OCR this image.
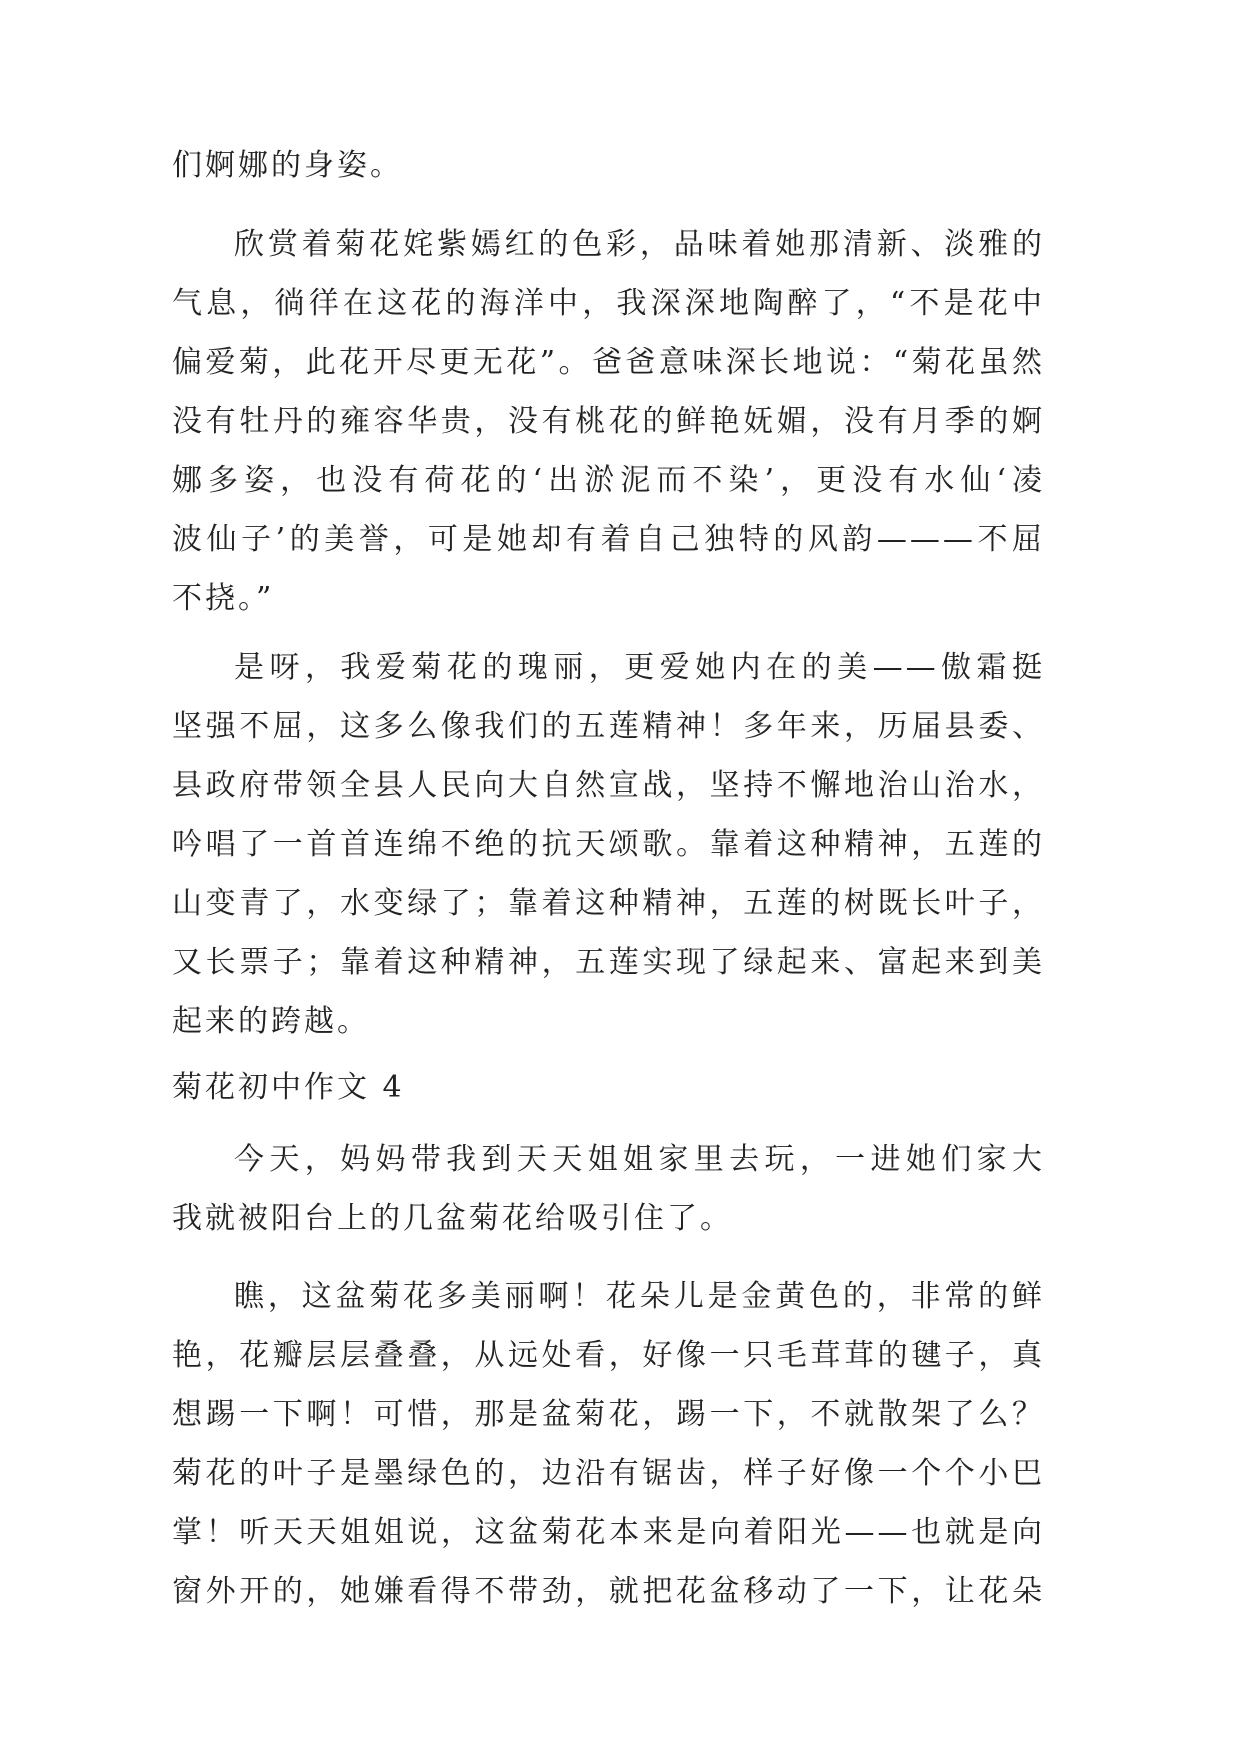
们婀娜的身姿。
欣赏着菊花姹紫嫣红的色彩，品味着她那清新、淡雅的
气息，徜徉在这花的海洋中，我深深地陶醉了，“不是花中
偏爱菊，此花开尽更无花”。爸爸意味深长地说：“菊花虽然
没有牡丹的雍容华贵，没有桃花的鲜艳妩媚，没有月季的婀
娜多姿，也没有荷花的‘出淤泥而不染’，更没有水仙‘凌
波仙子’的美誉，可是她却有着自己独特的风韵———不屈
不挠。”
是呀，我爱菊花的瑰丽，更爱她内在的美——傲霜挺
坚强不屈，这多么像我们的五莲精神！多年来，历届县委、
县政府带领全县人民向大自然宣战，坚持不懈地治山治水，
吟唱了一首首连绵不绝的抗天颂歌。靠着这种精神，五莲的
山变青了，水变绿了；靠着这种精神，五莲的树既长叶子，
又长票子；靠着这种精神，五莲实现了绿起来、富起来到美
起来的跨越。
菊花初中作文 4
今天，妈妈带我到天天姐姐家里去玩，一进她们家大
我就被阳台上的几盆菊花给吸引住了。
瞧，这盆菊花多美丽啊！花朵儿是金黄色的，非常的鲜
艳，花瓣层层叠叠，从远处看，好像一只毛茸茸的毽子，真
想踢一下啊！可惜，那是盆菊花，踢一下，不就散架了么？
菊花的叶子是墨绿色的，边沿有锯齿，样子好像一个个小巴
掌！听天天姐姐说，这盆菊花本来是向着阳光——也就是向
窗外开的，她嫌看得不带劲，就把花盆移动了一下，让花朵
